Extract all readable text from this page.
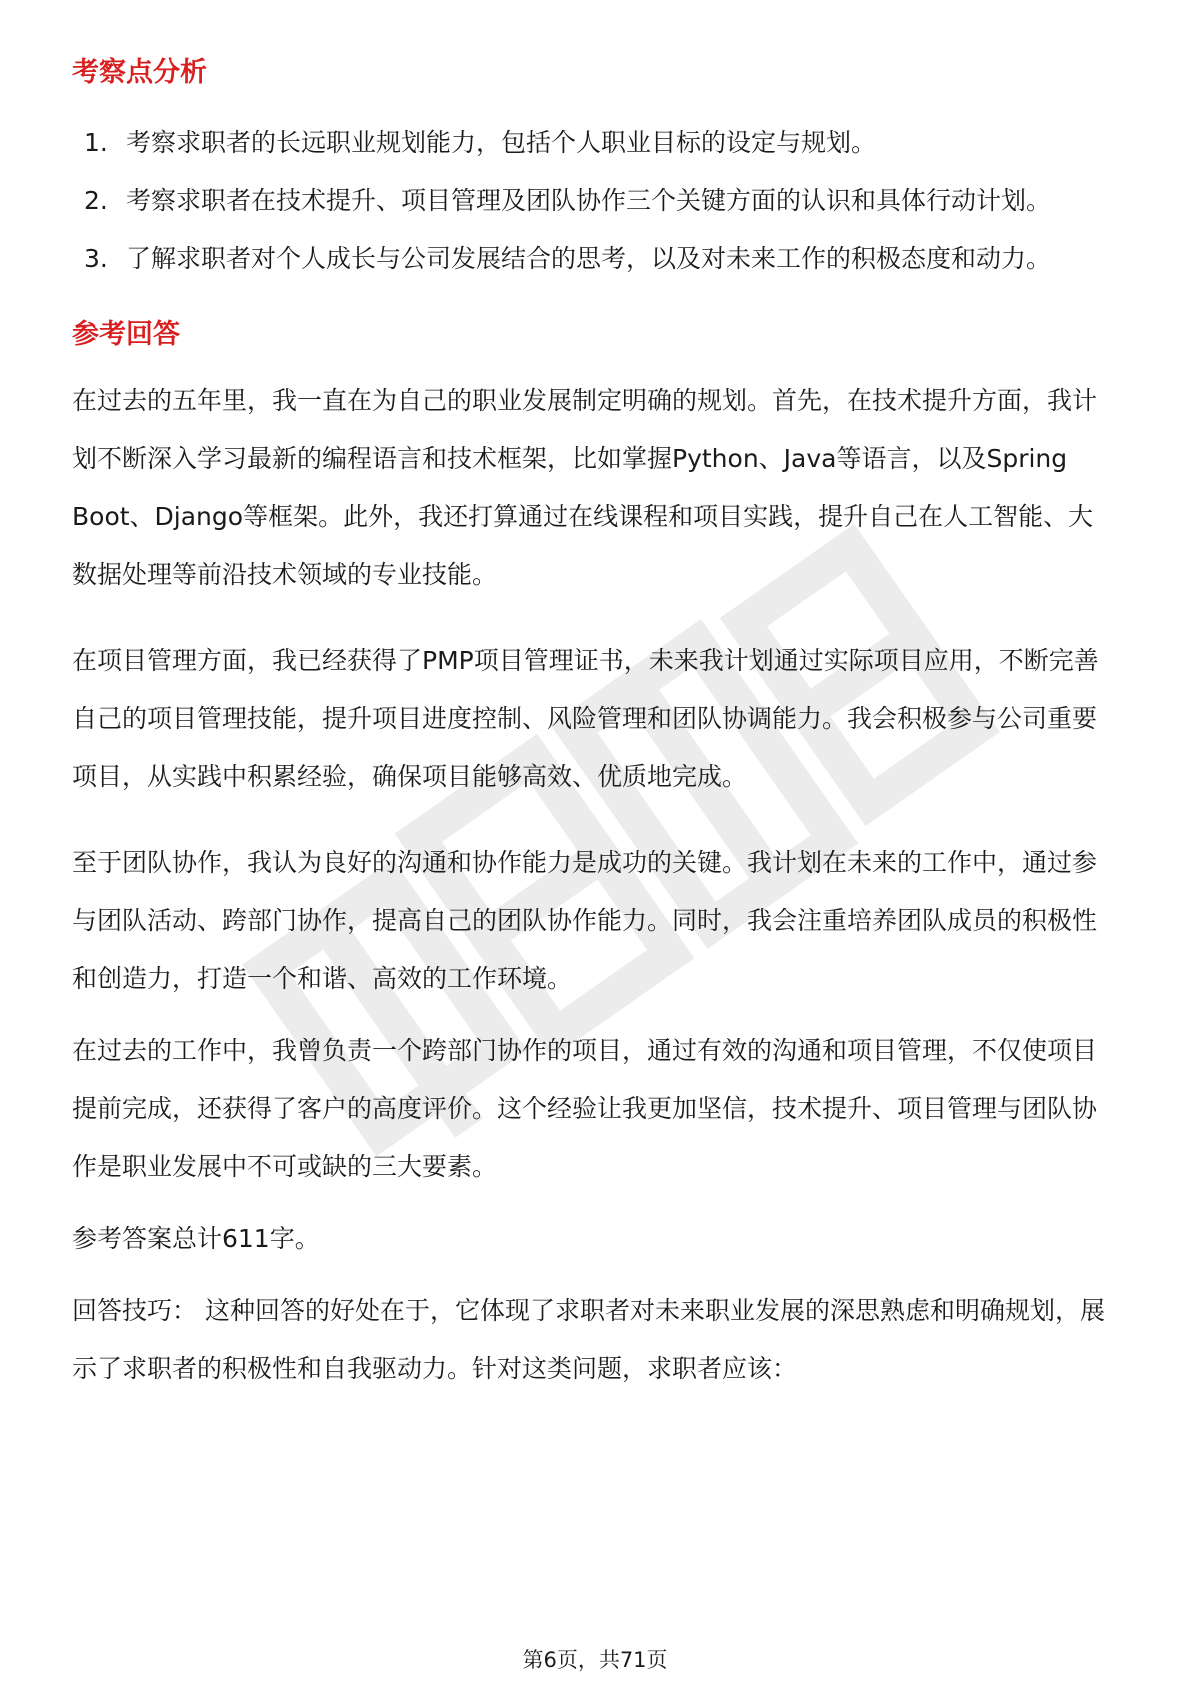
考察点分析
1. 考察求职者的长远职业规划能力，包括个人职业目标的设定与规划。
2. 考察求职者在技术提升、项目管理及团队协作三个关键方面的认识和具体行动计划。
3. 了解求职者对个人成长与公司发展结合的思考，以及对未来工作的积极态度和动力。
参考回答

在过去的五年里，我一直在为自己的职业发展制定明确的规划。首先，在技术提升方面，我计划不断深入学习最新的编程语言和技术框架，比如掌握Python、Java等语言，以及Spring Boot、Django等框架。此外，我还打算通过在线课程和项目实践，提升自己在人工智能、大数据处理等前沿技术领域的专业技能。

在项目管理方面，我已经获得了PMP项目管理证书，未来我计划通过实际项目应用，不断完善自己的项目管理技能，提升项目进度控制、风险管理和团队协调能力。我会积极参与公司重要项目，从实践中积累经验，确保项目能够高效、优质地完成。

至于团队协作，我认为良好的沟通和协作能力是成功的关键。我计划在未来的工作中，通过参与团队活动、跨部门协作，提高自己的团队协作能力。同时，我会注重培养团队成员的积极性和创造力，打造一个和谐、高效的工作环境。

在过去的工作中，我曾负责一个跨部门协作的项目，通过有效的沟通和项目管理，不仅使项目提前完成，还获得了客户的高度评价。这个经验让我更加坚信，技术提升、项目管理与团队协作是职业发展中不可或缺的三大要素。

参考答案总计611字。

回答技巧： 这种回答的好处在于，它体现了求职者对未来职业发展的深思熟虑和明确规划，展示了求职者的积极性和自我驱动力。针对这类问题，求职者应该：

第6页，共71页
